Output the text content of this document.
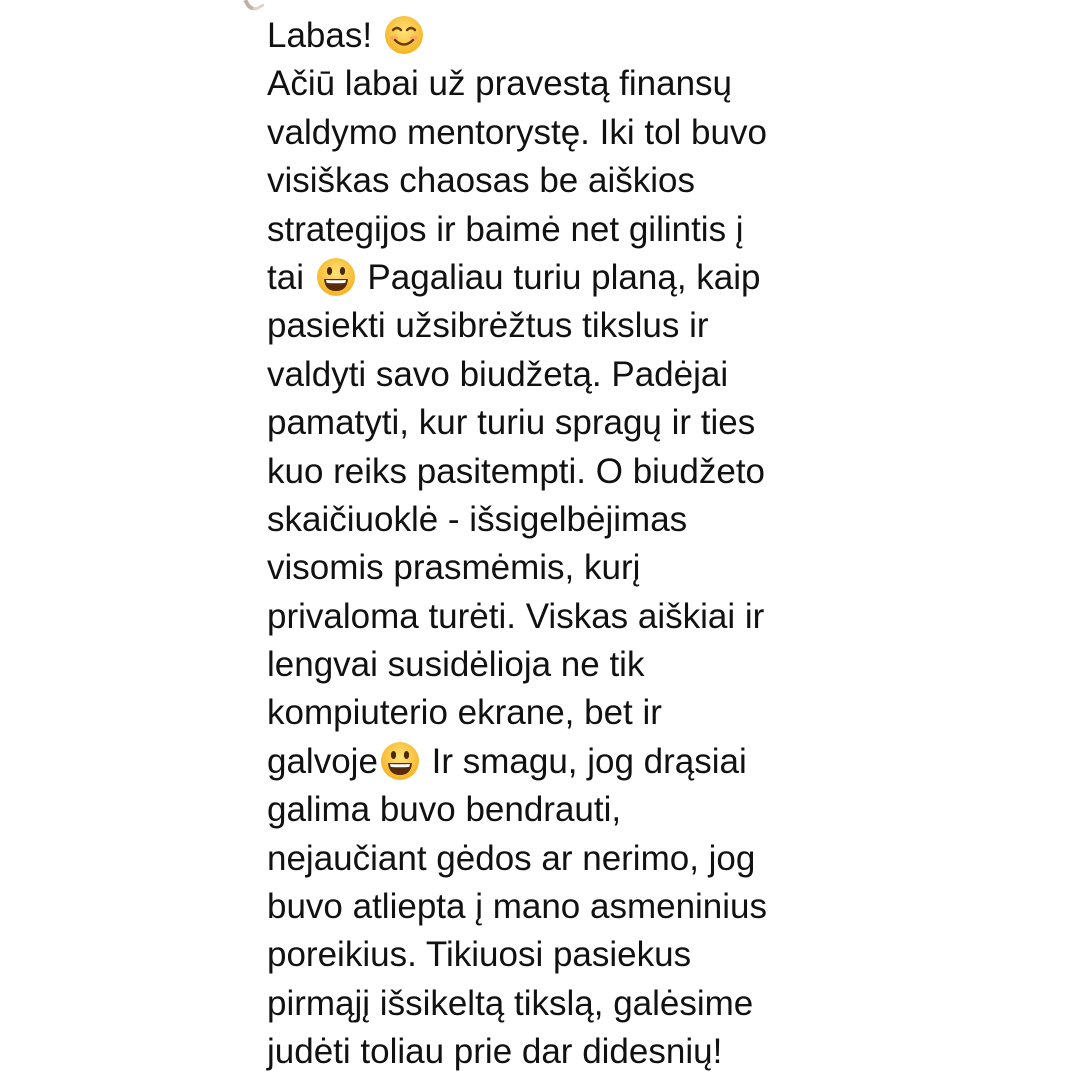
Labas!
Ačiū labai už pravestą finansų
valdymo mentorystę. Iki tol buvo
visiškas chaosas be aiškios
strategijos ir baimė net gilintis į
tai
Pagaliau turiu planą, kaip
pasiekti užsibrėžtus tikslus ir
valdyti savo biudžetą. Padėjai
pamatyti, kur turiu spragų ir ties
kuo reiks pasitempti. O biudžeto
skaičiuoklė - išsigelbėjimas
visomis prasmėmis, kurį
privaloma turėti. Viskas aiškiai ir
lengvai susidėlioja ne tik
kompiuterio ekrane, bet ir
galvoje
Ir smagu, jog drąsiai
galima buvo bendrauti,
nejaučiant gėdos ar nerimo, jog
buvo atliepta į mano asmeninius
poreikius. Tikiuosi pasiekus
pirmąjį išsikeltą tikslą, galėsime
judėti toliau prie dar didesnių!
